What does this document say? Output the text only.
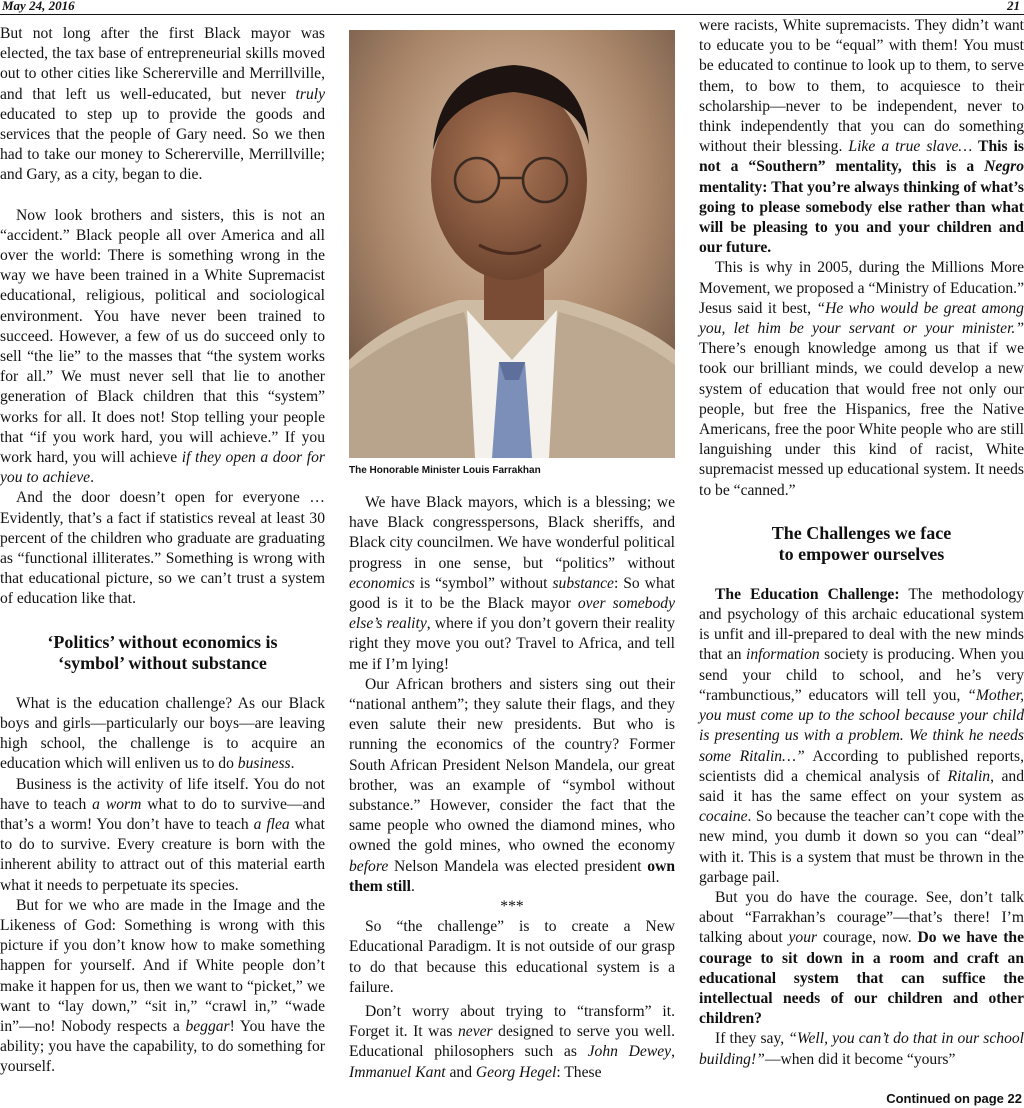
May 24, 2016	21

But not long after the first Black mayor was elected, the tax base of entrepreneurial skills moved out to other cities like Schererville and Merrillville, and that left us well-educated, but never truly educated to step up to provide the goods and services that the people of Gary need. So we then had to take our money to Schererville, Merrillville; and Gary, as a city, began to die.

Now look brothers and sisters, this is not an “accident.” Black people all over America and all over the world: There is something wrong in the way we have been trained in a White Supremacist educational, religious, political and sociological environment. You have never been trained to succeed. However, a few of us do succeed only to sell “the lie” to the masses that “the system works for all.” We must never sell that lie to another generation of Black children that this “system” works for all. It does not! Stop telling your people that “if you work hard, you will achieve.” If you work hard, you will achieve if they open a door for you to achieve.

And the door doesn’t open for everyone … Evidently, that’s a fact if statistics reveal at least 30 percent of the children who graduate are graduating as “functional illiterates.” Something is wrong with that educational picture, so we can’t trust a system of education like that.

‘Politics’ without economics is
‘symbol’ without substance

What is the education challenge? As our Black boys and girls—particularly our boys—are leaving high school, the challenge is to acquire an education which will enliven us to do business.

Business is the activity of life itself. You do not have to teach a worm what to do to survive—and that’s a worm! You don’t have to teach a flea what to do to survive. Every creature is born with the inherent ability to attract out of this material earth what it needs to perpetuate its species.

But for we who are made in the Image and the Likeness of God: Something is wrong with this picture if you don’t know how to make something happen for yourself. And if White people don’t make it happen for us, then we want to “picket,” we want to “lay down,” “sit in,” “crawl in,” “wade in”—no! Nobody respects a beggar! You have the ability; you have the capability, to do something for yourself.

The Honorable Minister Louis Farrakhan

We have Black mayors, which is a blessing; we have Black congresspersons, Black sheriffs, and Black city councilmen. We have wonderful political progress in one sense, but “politics” without economics is “symbol” without substance: So what good is it to be the Black mayor over somebody else’s reality, where if you don’t govern their reality right they move you out? Travel to Africa, and tell me if I’m lying!

Our African brothers and sisters sing out their “national anthem”; they salute their flags, and they even salute their new presidents. But who is running the economics of the country? Former South African President Nelson Mandela, our great brother, was an example of “symbol without substance.” However, consider the fact that the same people who owned the diamond mines, who owned the gold mines, who owned the economy before Nelson Mandela was elected president own them still.

***

So “the challenge” is to create a New Educational Paradigm. It is not outside of our grasp to do that because this educational system is a failure.

Don’t worry about trying to “transform” it. Forget it. It was never designed to serve you well. Educational philosophers such as John Dewey, Immanuel Kant and Georg Hegel: These

were racists, White supremacists. They didn’t want to educate you to be “equal” with them! You must be educated to continue to look up to them, to serve them, to bow to them, to acquiesce to their scholarship—never to be independent, never to think independently that you can do something without their blessing. Like a true slave… This is not a “Southern” mentality, this is a Negro mentality: That you’re always thinking of what’s going to please somebody else rather than what will be pleasing to you and your children and our future.

This is why in 2005, during the Millions More Movement, we proposed a “Ministry of Education.” Jesus said it best, “He who would be great among you, let him be your servant or your minister.” There’s enough knowledge among us that if we took our brilliant minds, we could develop a new system of education that would free not only our people, but free the Hispanics, free the Native Americans, free the poor White people who are still languishing under this kind of racist, White supremacist messed up educational system. It needs to be “canned.”

The Challenges we face
to empower ourselves

The Education Challenge: The methodology and psychology of this archaic educational system is unfit and ill-prepared to deal with the new minds that an information society is producing. When you send your child to school, and he’s very “rambunctious,” educators will tell you, “Mother, you must come up to the school because your child is presenting us with a problem. We think he needs some Ritalin…” According to published reports, scientists did a chemical analysis of Ritalin, and said it has the same effect on your system as cocaine. So because the teacher can’t cope with the new mind, you dumb it down so you can “deal” with it. This is a system that must be thrown in the garbage pail.

But you do have the courage. See, don’t talk about “Farrakhan’s courage”—that’s there! I’m talking about your courage, now. Do we have the courage to sit down in a room and craft an educational system that can suffice the intellectual needs of our children and other children?

If they say, “Well, you can’t do that in our school building!”—when did it become “yours”

Continued on page 22
